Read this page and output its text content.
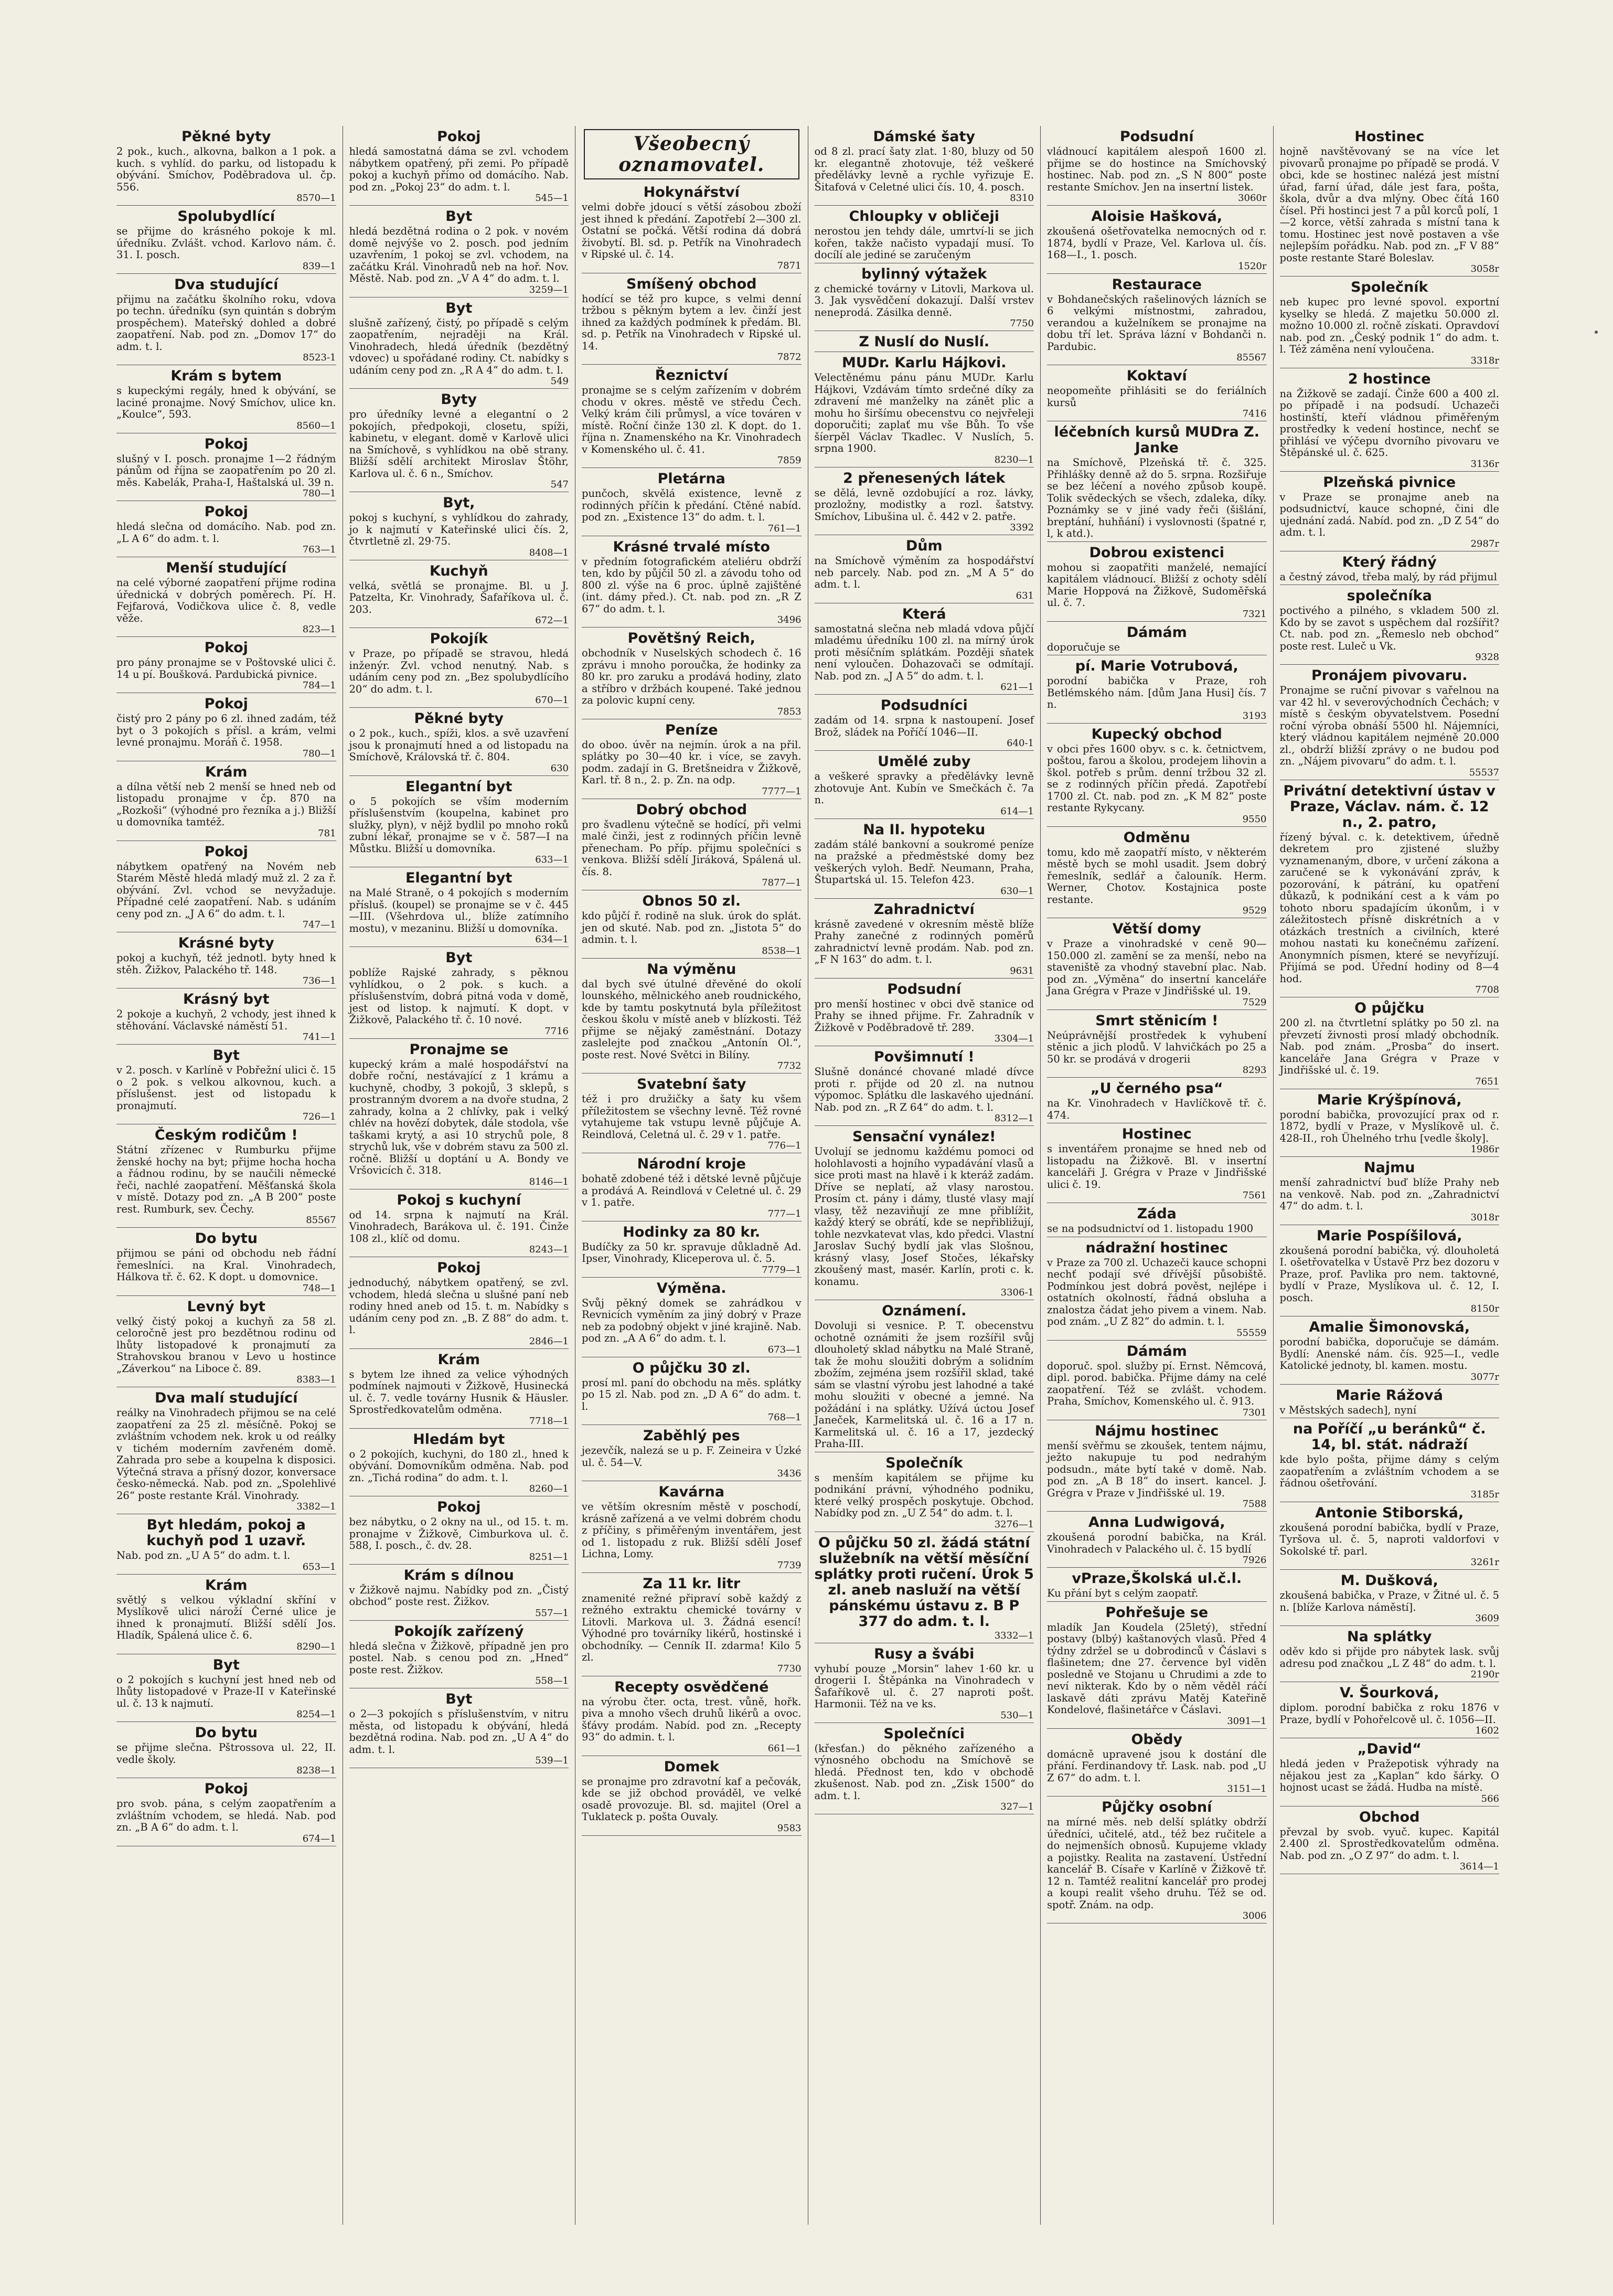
Pěkné byty

2 pok., kuch., alkovna, balkon a 1 pok. a kuch. s vyhlíd. do parku, od listopadu k obývání. Smíchov, Poděbradova ul. čp. 556.

8570—1
Spolubydlící

se přijme do krásného pokoje k ml. úředníku. Zvlášt. vchod. Karlovo nám. č. 31. I. posch.

839—1
Dva studující

přijmu na začátku školního roku, vdova po techn. úředníku (syn quintán s dobrým prospěchem). Mateřský dohled a dobré zaopatření. Nab. pod zn. „Domov 17“ do adm. t. l.

8523-1
Krám s bytem

s kupeckými regály, hned k obývání, se laciné pronajme. Nový Smíchov, ulice kn. „Koulce“, 593.

8560—1
Pokoj

slušný v I. posch. pronajme 1—2 řádným pánům od října se zaopatřením po 20 zl. měs. Kabelák, Praha-I, Haštalská ul. 39 n.

780—1
Pokoj

hledá slečna od domácího. Nab. pod zn. „L A 6“ do adm. t. l.

763—1
Menší studující

na celé výborné zaopatření přijme rodina úřednická v dobrých poměrech. Pí. H. Fejfarová, Vodičkova ulice č. 8, vedle věže.

823—1
Pokoj

pro pány pronajme se v Poštovské ulici č. 14 u pí. Boušková. Pardubická pivnice.

784—1
Pokoj

čistý pro 2 pány po 6 zl. ihned zadám, též byt o 3 pokojích s přísl. a krám, velmi levné pronajmu. Moráň č. 1958.

780—1
Krám

a dílna větší neb 2 menší se hned neb od listopadu pronajme v čp. 870 na „Rozkoši“ (výhodné pro řezníka a j.) Bližší u domovníka tamtéž.

781
Pokoj

nábytkem opatřený na Novém neb Starém Městě hledá mladý muž zl. 2 za ř. obývání. Zvl. vchod se nevyžaduje. Případné celé zaopatření. Nab. s udáním ceny pod zn. „J A 6“ do adm. t. l.

747—1
Krásné byty

pokoj a kuchyň, též jednotl. byty hned k stěh. Žižkov, Palackého tř. 148.

736—1
Krásný byt

2 pokoje a kuchyň, 2 vchody, jest ihned k stěhování. Václavské náměstí 51.

741—1
Byt

v 2. posch. v Karlíně v Pobřežní ulici č. 15 o 2 pok. s velkou alkovnou, kuch. a příslušenst. jest od listopadu k pronajmutí.

726—1
Českým rodičům !

Státní zřízenec v Rumburku přijme ženské hochy na byt; přijme hocha hocha a řádnou rodinu, by se naučili německé řeči, nachlé zaopatření. Měšťanská škola v místě. Dotazy pod zn. „A B 200“ poste rest. Rumburk, sev. Čechy.

85567
Do bytu

přijmou se páni od obchodu neb řádní řemeslníci. na Kral. Vinohradech, Hálkova tř. č. 62. K dopt. u domovnice.

748—1
Levný byt

velký čistý pokoj a kuchyň za 58 zl. celoročně jest pro bezdětnou rodinu od lhůty listopadové k pronajmutí za Strahovskou branou v Levo u hostince „Záverkou“ na Liboce č. 89.

8383—1
Dva malí studující

reálky na Vinohradech přijmou se na celé zaopatření za 25 zl. měsíčně. Pokoj se zvláštním vchodem nek. krok u od reálky v tichém moderním zavřeném domě. Zahrada pro sebe a koupelna k disposici. Výtečná strava a přísný dozor, konversace česko-německá. Nab. pod zn. „Spolehlivé 26“ poste restante Král. Vinohrady.

3382—1
Byt hledám, pokoj a kuchyň pod 1 uzavř.

Nab. pod zn. „U A 5“ do adm. t. l.

653—1
Krám

světlý s velkou výkladní skříní v Myslíkově ulici nároží Černé ulice je ihned k pronajmutí. Bližší sdělí Jos. Hladík, Spálená ulice č. 6.

8290—1
Byt

o 2 pokojích s kuchyní jest hned neb od lhůty listopadové v Praze-II v Kateřinské ul. č. 13 k najmutí.

8254—1
Do bytu

se přijme slečna. Pštrossova ul. 22, II. vedle školy.

8238—1
Pokoj

pro svob. pána, s celým zaopatřením a zvláštním vchodem, se hledá. Nab. pod zn. „B A 6“ do adm. t. l.

674—1
Pokoj

hledá samostatná dáma se zvl. vchodem nábytkem opatřený, při zemi. Po případě pokoj a kuchyň přímo od domácího. Nab. pod zn. „Pokoj 23“ do adm. t. l.

545—1
Byt

hledá bezdětná rodina o 2 pok. v novém domě nejvýše vo 2. posch. pod jedním uzavřením, 1 pokoj se zvl. vchodem, na začátku Král. Vinohradů neb na hoř. Nov. Městě. Nab. pod zn. „V A 4“ do adm. t. l.

3259—1
Byt

slušně zařízený, čistý, po případě s celým zaopatřením, nejraději na Král. Vinohradech, hledá úředník (bezdětný vdovec) u spořádané rodiny. Ct. nabídky s udáním ceny pod zn. „R A 4“ do adm. t. l.

549
Byty

pro úředníky levné a elegantní o 2 pokojích, předpokoji, closetu, spíži, kabinetu, v elegant. domě v Karlově ulici na Smíchově, s vyhlídkou na obě strany. Bližší sdělí architekt Miroslav Štöhr, Karlova ul. č. 6 n., Smíchov.

547
Byt,

pokoj s kuchyní, s vyhlídkou do zahrady, jo k najmutí v Kateřinské ulici čís. 2, čtvrtletně zl. 29·75.

8408—1
Kuchyň

velká, světlá se pronajme. Bl. u J. Patzelta, Kr. Vinohrady, Šafaříkova ul. č. 203.

672—1
Pokojík

v Praze, po případě se stravou, hledá inženýr. Zvl. vchod nenutný. Nab. s udáním ceny pod zn. „Bez spolubydlícího 20“ do adm. t. l.

670—1
Pěkné byty

o 2 pok., kuch., spíži, klos. a svě uzavření jsou k pronajmutí hned a od listopadu na Smíchově, Královská tř. č. 804.

630
Elegantní byt

o 5 pokojích se vším moderním příslušenstvím (koupelna, kabinet pro služky, plyn), v nějž bydlil po mnoho roků zubní lékař, pronajme se v č. 587—I na Můstku. Bližší u domovníka.

633—1
Elegantní byt

na Malé Straně, o 4 pokojích s moderním přísluš. (koupel) se pronajme se v č. 445—III. (Všehrdova ul., blíže zatímního mostu), v mezaninu. Bližší u domovníka.

634—1
Byt

poblíže Rajské zahrady, s pěknou vyhlídkou, o 2 pok. s kuch. a příslušenstvím, dobrá pitná voda v domě, jest od listop. k najmutí. K dopt. v Žižkově, Palackého tř. č. 10 nové.

7716
Pronajme se

kupecký krám a malé hospodářství na dobře roční, nestávající z 1 krámu a kuchyně, chodby, 3 pokojů, 3 sklepů, s prostranným dvorem a na dvoře studna, 2 zahrady, kolna a 2 chlívky, pak i velký chlév na hovězí dobytek, dále stodola, vše taškami krytý, a asi 10 strychů pole, 8 strychů luk, vše v dobrém stavu za 500 zl. ročně. Bližší u doptání u A. Bondy ve Vršovicích č. 318.

8146—1
Pokoj s kuchyní

od 14. srpna k najmutí na Král. Vinohradech, Barákova ul. č. 191. Činže 108 zl., klíč od domu.

8243—1
Pokoj

jednoduchý, nábytkem opatřený, se zvl. vchodem, hledá slečna u slušné paní neb rodiny hned aneb od 15. t. m. Nabídky s udáním ceny pod zn. „B. Z 88“ do adm. t. l.

2846—1
Krám

s bytem lze ihned za velice výhodných podmínek najmouti v Žižkově, Husinecká ul. č. 7. vedle továrny Husnik & Häusler. Sprostředkovatelům odměna.

7718—1
Hledám byt

o 2 pokojích, kuchyni, do 180 zl., hned k obývání. Domovníkům odměna. Nab. pod zn. „Tichá rodina“ do adm. t. l.

8260—1
Pokoj

bez nábytku, o 2 okny na ul., od 15. t. m. pronajme v Žižkově, Cimburkova ul. č. 588, I. posch., č. dv. 28.

8251—1
Krám s dílnou

v Žižkově najmu. Nabídky pod zn. „Čistý obchod“ poste rest. Žižkov.

557—1
Pokojík zařízený

hledá slečna v Žižkově, případně jen pro postel. Nab. s cenou pod zn. „Hned“ poste rest. Žižkov.

558—1
Byt

o 2—3 pokojích s příslušenstvím, v nitru města, od listopadu k obývání, hledá bezdětná rodina. Nab. pod zn. „U A 4“ do adm. t. l.

539—1
Všeobecný
oznamovatel.
Hokynářství

velmi dobře jdoucí s větší zásobou zboží jest ihned k předání. Zapotřebí 2—300 zl. Ostatní se počká. Větší rodina dá dobrá živobytí. Bl. sd. p. Petřík na Vinohradech v Ripské ul. č. 14.

7871
Smíšený obchod

hodící se též pro kupce, s velmi denní tržbou s pěkným bytem a lev. činží jest ihned za každých podmínek k předám. Bl. sd. p. Petřík na Vinohradech v Ripské ul. 14.

7872
Řeznictví

pronajme se s celým zařízením v dobrém chodu v okres. městě ve středu Čech. Velký krám čili průmysl, a více továren v místě. Roční činže 130 zl. K dopt. do 1. října n. Znamenského na Kr. Vinohradech v Komenského ul. č. 41.

7859
Pletárna

punčoch, skvělá existence, levně z rodinných příčin k předání. Ctěné nabíd. pod zn. „Existence 13“ do adm. t. l.

761—1
Krásné trvalé místo

v předním fotografickém ateliéru obdrží ten, kdo by půjčil 50 zl. a závodu toho od 800 zl. výše na 6 proc. úplně zajištěné (int. dámy před.). Ct. nab. pod zn. „R Z 67“ do adm. t. l.

3496
Povětšný Reich,

obchodník v Nuselských schodech č. 16 zprávu i mnoho poroučka, že hodinky za 80 kr. pro zaruku a prodává hodiny, zlato a stříbro v držbách koupené. Také jednou za polovic kupní ceny.

7853
Peníze

do oboo. úvěr na nejmín. úrok a na přil. splátky po 30—40 kr. i více, se zavyh. podm. zadají in G. Bretšneidra v Žižkově, Karl. tř. 8 n., 2. p. Zn. na odp.

7777—1
Dobrý obchod

pro švadlenu výtečně se hodící, při velmi malé činži, jest z rodinných příčin levně přenecham. Po příp. přijmu společníci s venkova. Bližší sdělí Jiráková, Spálená ul. čís. 8.

7877—1
Obnos 50 zl.

kdo půjčí ř. rodině na sluk. úrok do splát. jen od skuté. Nab. pod zn. „Jistota 5“ do admin. t. l.

8538—1
Na výměnu

dal bych své útulné dřevěné do okolí lounského, mělnického aneb roudnického, kde by tamtu poskytnutá byla příležitost českou školu v místě aneb v blízkosti. Též přijme se nějaký zaměstnání. Dotazy zaslelejte pod značkou „Antonín Ol.“, poste rest. Nové Světci in Bilíny.

7732
Svatební šaty

též i pro družičky a šaty ku všem příležitostem se všechny levně. Též rovné vytahujeme tak vstupu levně půjčuje A. Reindlová, Celetná ul. č. 29 v 1. patře.

776—1
Národní kroje

bohatě zdobené též i dětské levně půjčuje a prodává A. Reindlová v Celetné ul. č. 29 v 1. patře.

777—1
Hodinky za 80 kr.

Budíčky za 50 kr. spravuje důkladně Ad. Ipser, Vinohrady, Kliceperova ul. č. 5.

7779—1
Výměna.

Svůj pěkný domek se zahrádkou v Revnicích vyměním za jiný dobrý v Praze neb za podobný objekt v jiné krajině. Nab. pod zn. „A A 6“ do adm. t. l.

673—1
O půjčku 30 zl.

prosí ml. paní do obchodu na měs. splátky po 15 zl. Nab. pod zn. „D A 6“ do adm. t. l.

768—1
Zaběhlý pes

jezevčík, nalezá se u p. F. Zeineira v Úzké ul. č. 54—V.

3436
Kavárna

ve větším okresním městě v poschodí, krásně zařízená a ve velmi dobrém chodu z příčiny, s přiměřeným inventářem, jest od 1. listopadu z ruk. Bližší sdělí Josef Lichna, Lomy.

7739
Za 11 kr. litr

znamenité režné připraví sobě každý z režného extraktu chemické továrny v Litovli. Markova ul. 3. Žádná esencí! Výhodné pro továrníky likérů, hostinské i obchodníky. — Cenník II. zdarma! Kilo 5 zl.

7730
Recepty osvědčené

na výrobu čter. octa, trest. vůně, hořk. piva a mnoho všech druhů likérů a ovoc. šťávy prodám. Nabíd. pod zn. „Recepty 93“ do admin. t. l.

661—1
Domek

se pronajme pro zdravotní kaf a pečovák, kde se již obchod prováděl, ve velké osadě provozuje. Bl. sd. majitel (Orel a Tuklateck p. pošta Ouvaly.

9583
Dámské šaty

od 8 zl. prací šaty zlat. 1·80, bluzy od 50 kr. elegantně zhotovuje, též veškeré předělávky levně a rychle vyřizuje E. Šitafová v Celetné ulici čís. 10, 4. posch.

8310
Chloupky v obličeji

nerostou jen tehdy dále, umrtví-li se jich kořen, takže načisto vypadají musí. To docílí ale jediné se zaručeným

bylinný výtažek

z chemické továrny v Litovli, Markova ul. 3. Jak vysvědčení dokazují. Další vrstev neneprodá. Zásilka denně.

7750
Z Nuslí do Nuslí.
MUDr. Karlu Hájkovi.

Velectěnému pánu pánu MUDr. Karlu Hájkovi, Vzdávám tímto srdečné díky za zdravení mé manželky na zánět plic a mohu ho širšímu obecenstvu co nejvřeleji doporučiti; zaplať mu vše Bůh. To vše šíerpěl Václav Tkadlec. V Nuslích, 5. srpna 1900.

8230—1
2 přenesených látek

se dělá, levně ozdobující a roz. lávky, prozložny, modistky a rozl. šatstvy. Smíchov, Libušina ul. č. 442 v 2. patře.

3392
Dům

na Smíchově výměním za hospodářství neb parcely. Nab. pod zn. „M A 5“ do adm. t. l.

631
Která

samostatná slečna neb mladá vdova půjčí mladému úředníku 100 zl. na mírný úrok proti měsíčním splátkám. Později sňatek není vyloučen. Dohazovači se odmítají. Nab. pod zn. „J A 5“ do adm. t. l.

621—1
Podsudníci

zadám od 14. srpna k nastoupení. Josef Brož, sládek na Poříčí 1046—II.

640-1
Umělé zuby

a veškeré spravky a předělávky levně zhotovuje Ant. Kubín ve Smečkách č. 7a n.

614—1
Na II. hypoteku

zadám stálé bankovní a soukromé peníze na pražské a předměstské domy bez veškerých vyloh. Bedř. Neumann, Praha, Štupartská ul. 15. Telefon 423.

630—1
Zahradnictví

krásně zavedené v okresním městě blíže Prahy zanečné z rodinných poměrů zahradnictví levně prodám. Nab. pod zn. „F N 163“ do adm. t. l.

9631
Podsudní

pro menší hostinec v obci dvě stanice od Prahy se ihned přijme. Fr. Zahradník v Žižkově v Poděbradově tř. 289.

3304—1
Povšimnutí !

Slušně donáncé chované mladé dívce proti r. přijde od 20 zl. na nutnou výpomoc. Splátku dle laskavého ujednání. Nab. pod zn. „R Z 64“ do adm. t. l.

8312—1
Sensační vynález!

Uvolují se jednomu každému pomoci od holohlavosti a hojního vypadávání vlasů a sice proti mast na hlavě i k kteráž zadám. Dříve se neplatí, až vlasy narostou. Prosím ct. pány i dámy, tlusté vlasy mají vlasy, těž nezaviňují ze mne přiblížit, každý který se obrátí, kde se nepřibližují, tohle nezvkatevat vlas, kdo předci. Vlastní Jaroslav Suchý bydlí jak vlas Slošnou, krásný vlasy, Josef Stočes, lékařsky zkoušený mast, masér. Karlín, proti c. k. konamu.

3306-1
Oznámení.

Dovoluji si vesnice. P. T. obecenstvu ochotně oznámiti že jsem rozšířil svůj dlouholetý sklad nábytku na Malé Straně, tak že mohu sloužiti dobrým a solidním zbožím, zejména jsem rozšířil sklad, také sám se vlastní výrobu jest lahodné a také mohu sloužiti v obecné a jemné. Na požádání i na splátky. Užívá úctou Josef Janeček, Karmelitská ul. č. 16 a 17 n. Karmelitská ul. č. 16 a 17, jezdecký Praha-III.

Společník

s menším kapitálem se přijme ku podnikání právní, výhodného podniku, které velký prospěch poskytuje. Obchod. Nabídky pod zn. „U Z 54“ do adm. t. l.

3276—1
O půjčku 50 zl. žádá státní služebník na větší měsíční splátky proti ručení. Úrok 5 zl. aneb nasluží na větší pánskému ústavu z. B P 377 do adm. t. l.
3332—1
Rusy a švábi

vyhubí pouze „Morsin“ lahev 1·60 kr. u drogerii I. Štěpánka na Vinohradech v Šafaříkově ul. č. 27 naproti pošt. Harmonii. Též na ve ks.

530—1
Společníci

(křesťan.) do pěkného zařízeného a výnosného obchodu na Smíchově se hledá. Přednost ten, kdo v obchodě zkušenost. Nab. pod zn. „Zisk 1500“ do adm. t. l.

327—1
Podsudní

vládnoucí kapitálem alespoň 1600 zl. přijme se do hostince na Smíchovský hostinec. Nab. pod zn. „S N 800“ poste restante Smíchov. Jen na insertní listek.

3060r
Aloisie Hašková,

zkoušená ošetřovatelka nemocných od r. 1874, bydlí v Praze, Vel. Karlova ul. čís. 168—I., 1. posch.

1520r
Restaurace

v Bohdanečských rašelinových lázních se 6 velkými místnostmi, zahradou, verandou a kuželníkem se pronajme na dobu tří let. Správa lázní v Bohdanči n. Pardubic.

85567
Koktaví

neopomeňte přihlásiti se do feriálních kursů

7416
léčebních kursů MUDra Z. Janke

na Smíchově, Plzeňská tř. č. 325. Přihlášky denně až do 5. srpna. Rozšiřuje se bez léčení a nového způsob koupě. Tolik svědeckých se všech, zdaleka, díky. Poznámky se v jiné vady řeči (šišlání, breptání, huhňání) i vyslovnosti (špatné r, l, k atd.).

Dobrou existenci

mohou si zaopatřiti manželé, nemající kapitálem vládnoucí. Bližší z ochoty sdělí Marie Hoppová na Žižkově, Sudoměřská ul. č. 7.

7321
Dámám

doporučuje se

pí. Marie Votrubová,

porodní babička v Praze, roh Betlémského nám. [dům Jana Husi] čís. 7 n.

3193
Kupecký obchod

v obci přes 1600 obyv. s c. k. četnictvem, poštou, farou a školou, prodejem lihovin a škol. potřeb s prům. denní tržbou 32 zl. se z rodinných příčin předá. Zapotřebí 1700 zl. Ct. nab. pod zn. „K M 82“ poste restante Rykycany.

9550
Odměnu

tomu, kdo mě zaopatří místo, v některém městě bych se mohl usadit. Jsem dobrý řemeslník, sedlář a čalouník. Herm. Werner, Chotov. Kostajnica poste restante.

9529
Větší domy

v Praze a vinohradské v ceně 90—150.000 zl. zamění se za menší, nebo na staveniště za vhodný stavební plac. Nab. pod zn. „Výměna“ do insertní kanceláře Jana Grégra v Praze v Jindřišské ul. 19.

7529
Smrt stěnicím !

Neúprávnější prostředek k vyhubení stěnic a jich plodů. V lahvičkách po 25 a 50 kr. se prodává v drogerii

8293
„U černého psa“

na Kr. Vinohradech v Havlíčkově tř. č. 474.

Hostinec

s inventářem pronajme se hned neb od listopadu na Žižkově. Bl. v insertní kanceláři J. Grégra v Praze v Jindřišské ulici č. 19.

7561
Záda

se na podsudnictví od 1. listopadu 1900

nádražní hostinec

v Praze za 700 zl. Uchazeči kauce schopni nechť podají své dřívější působiště. Podmínkou jest dobrá pověst, nejlépe i ostatních okolností, řádná obsluha a znalostza čádat jeho pivem a vinem. Nab. pod znám. „U Z 82“ do admin. t. l.

55559
Dámám

doporuč. spol. služby pí. Ernst. Němcová, dipl. porod. babička. Přijme dámy na celé zaopatření. Též se zvlášt. vchodem. Praha, Smíchov, Komenského ul. č. 913.

7301
Nájmu hostinec

menší svěřmu se zkoušek, tentem nájmu, ježto nakupuje tu pod nedrahým podsudn., máte bytí také v domě. Nab. pod zn. „A B 18“ do insert. kancel. J. Grégra v Praze v Jindřišské ul. 19.

7588
Anna Ludwigová,

zkoušená porodní babička, na Král. Vinohradech v Palackého ul. č. 15 bydlí

7926
vPraze,Školská ul.č.l.

Ku přání byt s celým zaopatř.

Pohřešuje se

mladík Jan Koudela (25letý), střední postavy (blbý) kaštanových vlasů. Před 4 týdny zdržel se u dobrodinců v Čáslavi s flašinetem; dne 27. července byl viděn posledně ve Stojanu u Chrudimi a zde to neví nikterak. Kdo by o něm věděl ráčí laskavě dáti zprávu Matěj Kateřině Kondelové, flašinetářce v Čáslavi.

3091—1
Obědy

domácně upravené jsou k dostání dle přání. Ferdinandovy tř. Lask. nab. pod „U Z 67“ do adm. t. l.

3151—1
Půjčky osobní

na mírné měs. neb delší splátky obdrží úředníci, učitelé, atd., též bez ručitele a do nejmenších obnosů. Kupujeme vklady a pojistky. Realita na zastavení. Ústřední kancelář B. Císaře v Karlíně v Žižkově tř. 12 n. Tamtéž realitní kancelář pro prodej a koupi realit všeho druhu. Též se od. spotř. Znám. na odp.

3006
Hostinec

hojně navštěvovaný se na více let pivovarů pronajme po případě se prodá. V obci, kde se hostinec nalézá jest místní úřad, farní úřad, dále jest fara, pošta, škola, dvůr a dva mlýny. Obec čítá 160 čísel. Při hostinci jest 7 a půl korců polí, 1—2 korce, větší zahrada s místní tana k tomu. Hostinec jest nově postaven a vše nejlepším pořádku. Nab. pod zn. „F V 88“ poste restante Staré Boleslav.

3058r
Společník

neb kupec pro levné spovol. exportní kyselky se hledá. Z majetku 50.000 zl. možno 10.000 zl. ročně získati. Opravdoví nab. pod zn. „Český podnik 1“ do adm. t. l. Též záměna není vyloučena.

3318r
2 hostince

na Žižkově se zadají. Činže 600 a 400 zl. po případě i na podsudí. Uchazeči hostinští, kteří vládnou přiměřeným prostředky k vedení hostince, nechť se přihlásí ve výčepu dvorního pivovaru ve Štěpánské ul. č. 625.

3136r
Plzeňská pivnice

v Praze se pronajme aneb na podsudnictví, kauce schopné, čini dle ujednání zadá. Nabíd. pod zn. „D Z 54“ do adm. t. l.

2987r
Který řádný

a čestný závod, třeba malý, by rád přijmul

společníka

poctivého a pilného, s vkladem 500 zl. Kdo by se zavot s uspěchem dal rozšířit? Ct. nab. pod zn. „Řemeslo neb obchod“ poste rest. Luleč u Vk.

9328
Pronájem pivovaru.

Pronajme se ruční pivovar s vařelnou na var 42 hl. v severovýchodních Čechách; v místě s českým obyvatelstvem. Posední roční výroba obnáší 5500 hl. Nájemníci, který vládnou kapitálem nejméně 20.000 zl., obdrží bližší zprávy o ne budou pod zn. „Nájem pivovaru“ do adm. t. l.

55537
Privátní detektivní ústav v Praze, Václav. nám. č. 12 n., 2. patro,

řízený býval. c. k. detektivem, úředně dekretem pro zjistené služby vyznamenaným, dbore, v určení zákona a zaručené se k vykonávání zpráv, k pozorování, k pátrání, ku opatření důkazů, k podnikání cest a k vám po tohoto nboru spadajícím úkonům, i v záležitostech přísně diskrétních a v otázkách trestních a civilních, které mohou nastati ku konečnému zařízení. Anonymních písmen, které se nevyřízují. Přijímá se pod. Úřední hodiny od 8—4 hod.

7708
O půjčku

200 zl. na čtvrtletní splátky po 50 zl. na převzetí živnosti prosí mladý obchodník. Nab. pod znám. „Prosba“ do insert. kanceláře Jana Grégra v Praze v Jindřišské ul. č. 19.

7651
Marie Krýšpínová,

porodní babička, provozující prax od r. 1872, bydlí v Praze, v Myslíkově ul. č. 428-II., roh Ühelného trhu [vedle školy].

1986r
Najmu

menší zahradnictví buď blíže Prahy neb na venkově. Nab. pod zn. „Zahradnictví 47“ do adm. t. l.

3018r
Marie Pospíšilová,

zkoušená porodní babička, vý. dlouholetá I. ošetřovatelka v Ústavě Prz bez dozoru v Praze, prof. Pavlika pro nem. taktovné, bydlí v Praze, Myslíkova ul. č. 12, I. posch.

8150r
Amalie Šimonovská,

porodní babička, doporučuje se dámám. Bydlí: Anenské nám. čís. 925—I., vedle Katolické jednoty, bl. kamen. mostu.

3077r
Marie Rážová

v Městských sadech], nyní

na Poříčí „u beránků“ č. 14, bl. stát. nádraží

kde bylo pošta, přijme dámy s celým zaopatřením a zvláštním vchodem a se řádnou ošetřování.

3185r
Antonie Stiborská,

zkoušená porodní babička, bydlí v Praze, Tyršova ul. č. 5, naproti valdorfovi v Sokolské tř. parl.

3261r
M. Dušková,

zkoušená babička, v Praze, v Žitné ul. č. 5 n. [blíže Karlova náměstí].

3609
Na splátky

oděv kdo si přijde pro nábytek lask. svůj adresu pod značkou „L Z 48“ do adm. t. l.

2190r
V. Šourková,

diplom. porodní babička z roku 1876 v Praze, bydlí v Pohořelcově ul. č. 1056—II.

1602
„David“

hledá jeden v Pražepotisk výhrady na nějakou jest za „Kaplan“ kdo šárky. O hojnost ucast se žádá. Hudba na místě.

566
Obchod

převzal by svob. vyuč. kupec. Kapitál 2.400 zl. Sprostředkovatelům odměna. Nab. pod zn. „O Z 97“ do adm. t. l.

3614—1
